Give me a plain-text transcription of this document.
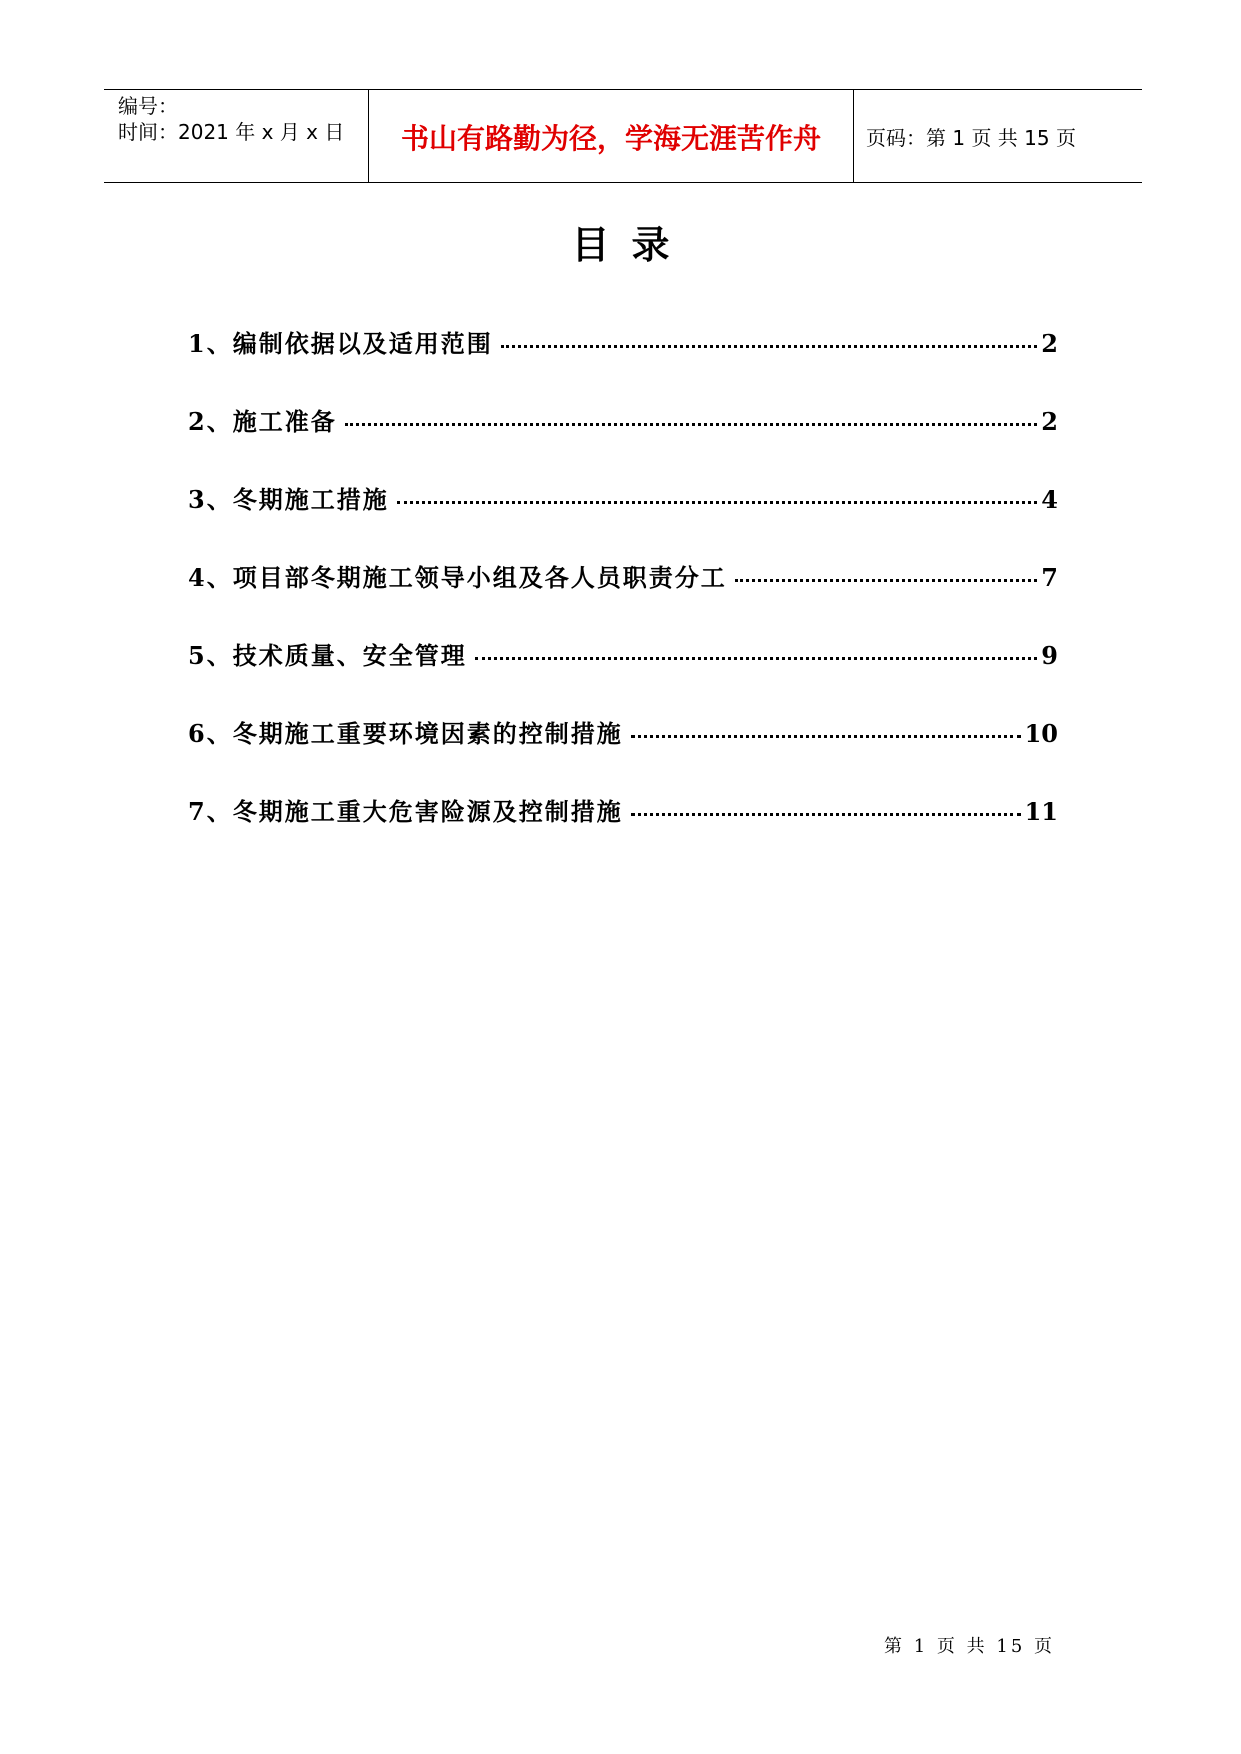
编号：
时间：2021 年 x 月 x 日	书山有路勤为径，学海无涯苦作舟	页码：第 1 页 共 15 页
目录
1、编制依据以及适用范围	2
2、施工准备	2
3、冬期施工措施	4
4、项目部冬期施工领导小组及各人员职责分工	7
5、技术质量、安全管理	9
6、冬期施工重要环境因素的控制措施	10
7、冬期施工重大危害险源及控制措施	11
第 1 页 共 15 页
